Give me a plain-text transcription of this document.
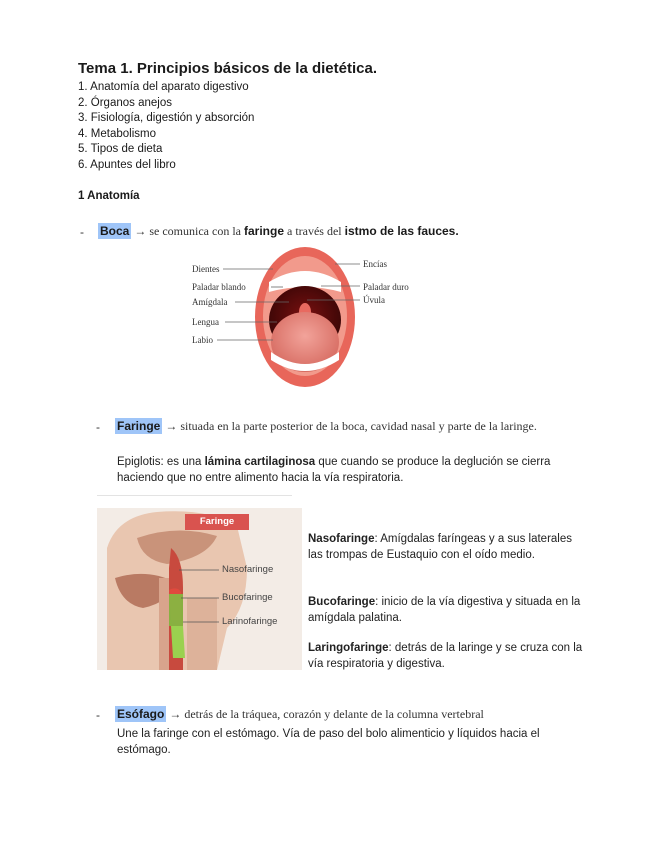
Tema 1. Principios básicos de la dietética.
1. Anatomía del aparato digestivo
2. Órganos anejos
3. Fisiología, digestión y absorción
4. Metabolismo
5. Tipos de dieta
6. Apuntes del libro
1 Anatomía
- Boca → se comunica con la faringe a través del istmo de las fauces.
Dientes
Paladar blando
Amígdala
Lengua
Labio
Encías
Paladar duro
Úvula
- Faringe → situada en la parte posterior de la boca, cavidad nasal y parte de la laringe.
Epiglotis: es una lámina cartilaginosa que cuando se produce la deglución se cierra haciendo que no entre alimento hacia la vía respiratoria.
Faringe
Nasofaringe
Bucofaringe
Larinofaringe
Nasofaringe: Amígdalas faríngeas y a sus laterales las trompas de Eustaquio con el oído medio.
Bucofaringe: inicio de la vía digestiva y situada en la amígdala palatina.
Laringofaringe: detrás de la laringe y se cruza con la vía respiratoria y digestiva.
- Esófago → detrás de la tráquea, corazón y delante de la columna vertebral
Une la faringe con el estómago. Vía de paso del bolo alimenticio y líquidos hacia el estómago.
